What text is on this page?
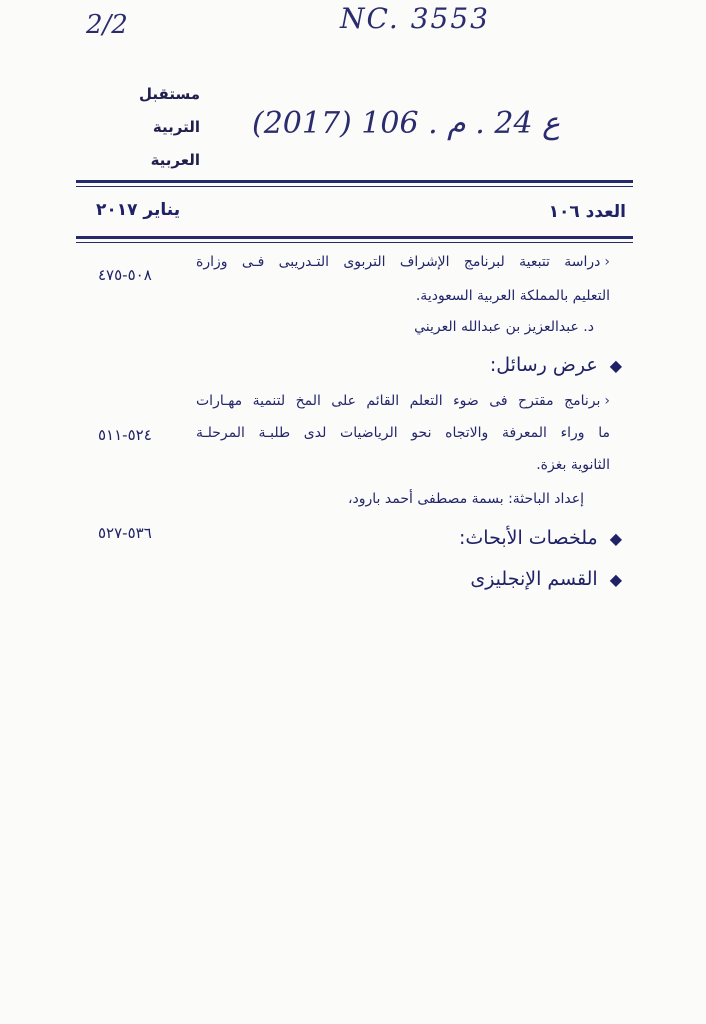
2/2	NC. 3553
(2017) 106 . ع 24 . م
مستقبل
التربية
العربية
العدد ١٠٦
يناير ٢٠١٧
‹دراسة تتبعية لبرنامج الإشراف التربوى التـدريبى فـى وزارة
٥٠٨-٤٧٥
التعليم بالمملكة العربية السعودية.
د. عبدالعزيز بن عبدالله العريني
◆عرض رسائل:
‹برنامج مقترح فى ضوء التعلم القائم على المخ لتنمية مهـارات
ما وراء المعرفة والاتجاه نحو الرياضيات لدى طلبـة المرحلـة
٥٢٤-٥١١
الثانوية بغزة.
إعداد الباحثة: بسمة مصطفى أحمد بارود،
◆ملخصات الأبحاث:
٥٣٦-٥٢٧
◆القسم الإنجليزى
